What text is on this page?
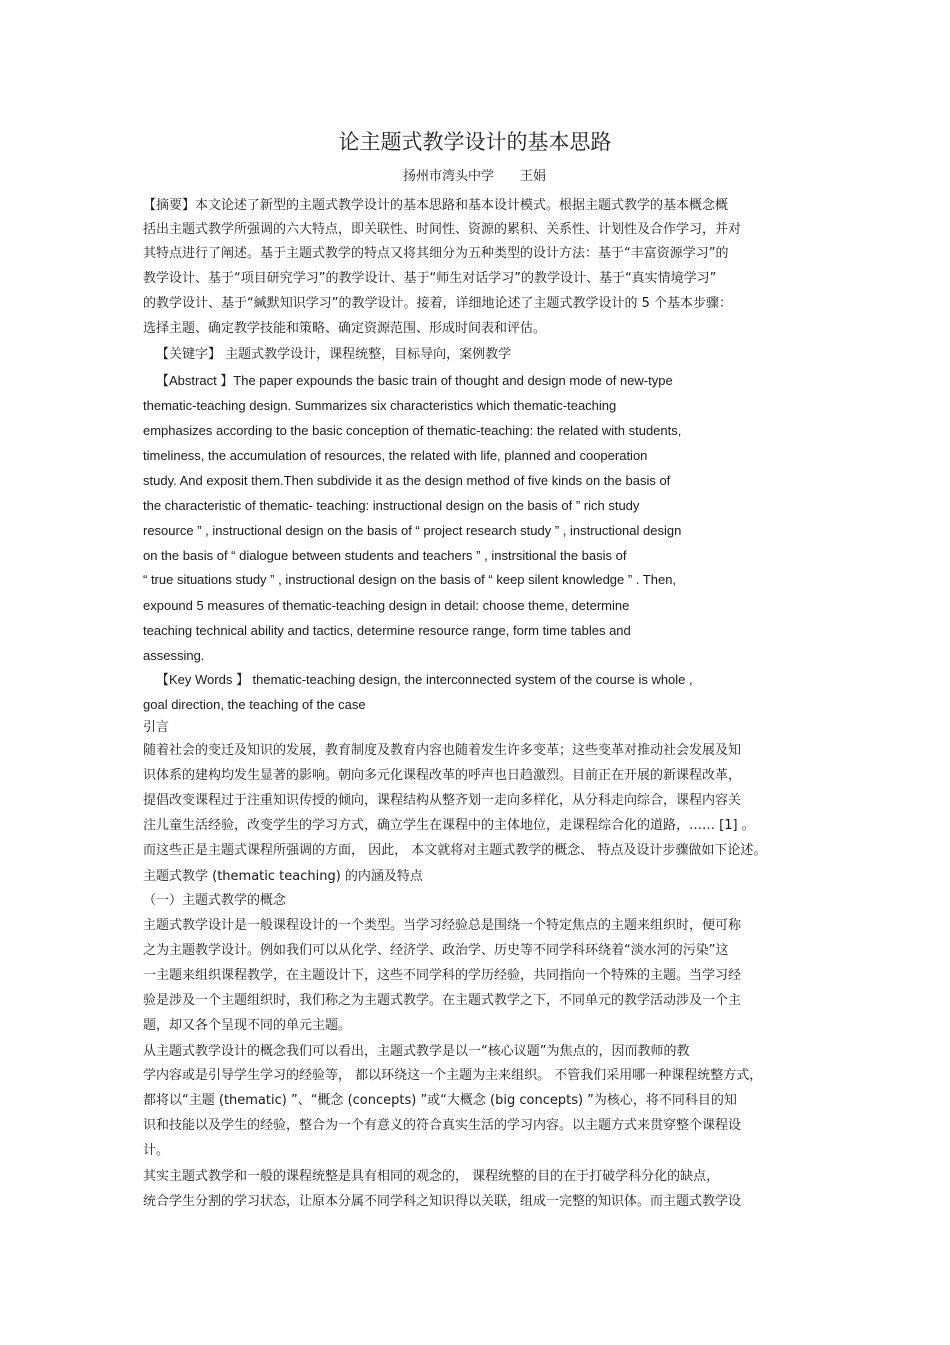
论主题式教学设计的基本思路
扬州市湾头中学 王娟
【摘要】本文论述了新型的主题式教学设计的基本思路和基本设计模式。根据主题式教学的基本概念概
括出主题式教学所强调的六大特点，即关联性、时间性、资源的累积、关系性、计划性及合作学习，并对
其特点进行了阐述。基于主题式教学的特点又将其细分为五种类型的设计方法：基于“丰富资源学习”的
教学设计、基于“项目研究学习”的教学设计、基于“师生对话学习”的教学设计、基于“真实情境学习”
的教学设计、基于“緘默知识学习”的教学设计。接着，详细地论述了主题式教学设计的 5 个基本步骤：
选择主题、确定教学技能和策略、确定资源范围、形成时间表和评估。
【关键字】 主题式教学设计，课程统整，目标导向，案例教学
【Abstract 】The paper expounds the basic train of thought and design mode of new-type
thematic-teaching design. Summarizes six characteristics which thematic-teaching
emphasizes according to the basic conception of thematic-teaching: the related with students,
timeliness, the accumulation of resources, the related with life, planned and cooperation
study. And exposit them.Then subdivide it as the design method of five kinds on the basis of
the characteristic of thematic- teaching: instructional design on the basis of ” rich study
resource ” , instructional design on the basis of “ project research study ” , instructional design
on the basis of “ dialogue between students and teachers ” , instrsitional the basis of
“ true situations study ” , instructional design on the basis of “ keep silent knowledge ” . Then,
expound 5 measures of thematic-teaching design in detail: choose theme, determine
teaching technical ability and tactics, determine resource range, form time tables and
assessing.
【Key Words 】 thematic-teaching design, the interconnected system of the course is whole ,
goal direction, the teaching of the case
引言
随着社会的变迁及知识的发展，教育制度及教育内容也随着发生许多变革；这些变革对推动社会发展及知
识体系的建构均发生显著的影响。朝向多元化课程改革的呼声也日趋激烈。目前正在开展的新课程改革，
提倡改变课程过于注重知识传授的倾向，课程结构从整齐划一走向多样化，从分科走向综合，课程内容关
注儿童生活经验，改变学生的学习方式，确立学生在课程中的主体地位，走课程综合化的道路，…… [1] 。
而这些正是主题式课程所强调的方面， 因此， 本文就将对主题式教学的概念、 特点及设计步骤做如下论述。
主题式教学 (thematic teaching) 的内涵及特点
（一）主题式教学的概念
主题式教学设计是一般课程设计的一个类型。当学习经验总是围绕一个特定焦点的主题来组织时，便可称
之为主题教学设计。例如我们可以从化学、经济学、政治学、历史等不同学科环绕着“淡水河的污染”这
一主题来组织课程教学，在主题设计下，这些不同学科的学历经验，共同指向一个特殊的主题。当学习经
验是涉及一个主题组织时，我们称之为主题式教学。在主题式教学之下，不同单元的教学活动涉及一个主
题，却又各个呈现不同的单元主题。
从主题式教学设计的概念我们可以看出，主题式教学是以一“核心议题”为焦点的，因而教师的教
学内容或是引导学生学习的经验等， 都以环绕这一个主题为主来组织。 不管我们采用哪一种课程统整方式，
都将以“主题 (thematic) ”、“概念 (concepts) ”或“大概念 (big concepts) ”为核心，将不同科目的知
识和技能以及学生的经验，整合为一个有意义的符合真实生活的学习内容。以主题方式来贯穿整个课程设
计。
其实主题式教学和一般的课程统整是具有相同的观念的， 课程统整的目的在于打破学科分化的缺点，
统合学生分割的学习状态，让原本分属不同学科之知识得以关联，组成一完整的知识体。而主题式教学设
